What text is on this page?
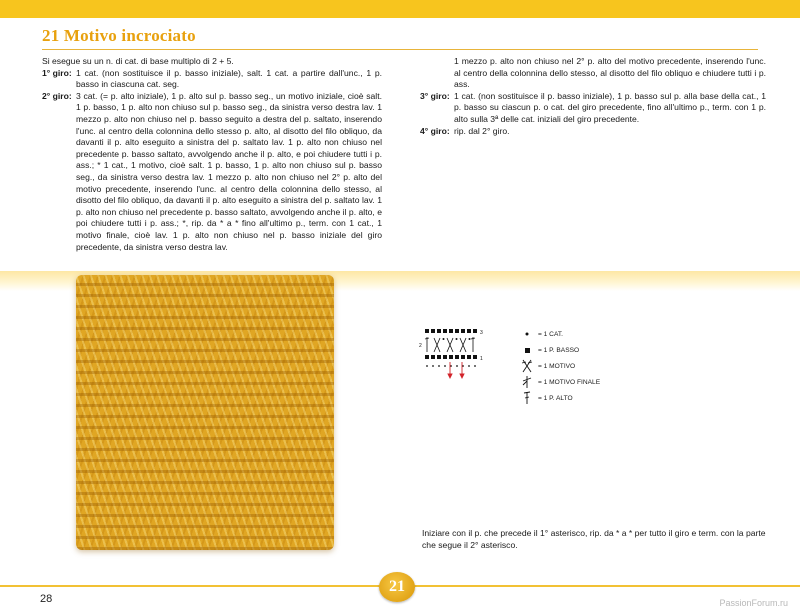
21 Motivo incrociato
Si esegue su un n. di cat. di base multiplo di 2 + 5.
1° giro: 1 cat. (non sostituisce il p. basso iniziale), salt. 1 cat. a partire dall'unc., 1 p. basso in ciascuna cat. seg.
2° giro: 3 cat. (= p. alto iniziale), 1 p. alto sul p. basso seg., un motivo iniziale, cioè salt. 1 p. basso, 1 p. alto non chiuso sul p. basso seg., da sinistra verso destra lav. 1 mezzo p. alto non chiuso nel p. basso seguito a destra del p. saltato, inserendo l'unc. al centro della colonnina dello stesso p. alto, al disotto del filo obliquo, da davanti il p. alto eseguito a sinistra del p. saltato lav. 1 p. alto non chiuso nel precedente p. basso saltato, avvolgendo anche il p. alto, e poi chiudere tutti i p. ass.; * 1 cat., 1 motivo, cioè salt. 1 p. basso, 1 p. alto non chiuso sul p. basso seg., da sinistra verso destra lav. 1 mezzo p. alto non chiuso nel 2° p. alto del motivo precedente, inserendo l'unc. al centro della colonnina dello stesso, al disotto del filo obliquo, da davanti il p. alto eseguito a sinistra del p. saltato lav. 1 p. alto non chiuso nel precedente p. basso saltato, avvolgendo anche il p. alto, e poi chiudere tutti i p. ass.; *, rip. da * a * fino all'ultimo p., term. con 1 cat., 1 motivo finale, cioè lav. 1 p. alto non chiuso nel p. basso iniziale del giro precedente, da sinistra verso destra lav.
1 mezzo p. alto non chiuso nel 2° p. alto del motivo precedente, inserendo l'unc. al centro della colonnina dello stesso, al disotto del filo obliquo e chiudere tutti i p. ass.
3° giro: 1 cat. (non sostituisce il p. basso iniziale), 1 p. basso sul p. alla base della cat., 1 p. basso su ciascun p. o cat. del giro precedente, fino all'ultimo p., term. con 1 p. alto sulla 3ª delle cat. iniziali del giro precedente.
4° giro: rip. dal 2° giro.
3
2
1
= 1 CAT.
= 1 P. BASSO
= 1 MOTIVO
= 1 MOTIVO FINALE
= 1 P. ALTO
Iniziare con il p. che precede il 1° asterisco, rip. da * a * per tutto il giro e term. con la parte che segue il 2° asterisco.
21
28	PassionForum.ru
